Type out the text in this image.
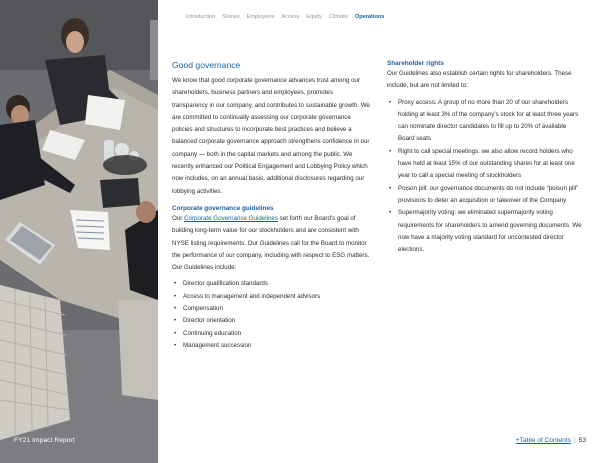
FY21 Impact Report
Introduction Stories Employees Access Equity Climate Operations
Good governance

We know that good corporate governance advances trust among our shareholders, business partners and employees, promotes transparency in our company, and contributes to sustainable growth. We are committed to continually assessing our corporate governance policies and structures to incorporate best practices and believe a balanced corporate governance approach strengthens confidence in our company — both in the capital markets and among the public. We recently enhanced our Political Engagement and Lobbying Policy which now includes, on an annual basis, additional disclosures regarding our lobbying activities.

Corporate governance guidelines

Our Corporate Governance Guidelines set forth our Board’s goal of building long-term value for our stockholders and are consistent with NYSE listing requirements. Our Guidelines call for the Board to monitor the performance of our company, including with respect to ESG matters. Our Guidelines include:

• Director qualification standards
• Access to management and independent advisors
• Compensation
• Director orientation
• Continuing education
• Management succession
Shareholder rights

Our Guidelines also establish certain rights for shareholders. These include, but are not limited to:

• Proxy access: A group of no more than 20 of our shareholders holding at least 3% of the company’s stock for at least three years can nominate director candidates to fill up to 20% of available Board seats
• Right to call special meetings: we also allow record holders who have held at least 15% of our outstanding shares for at least one year to call a special meeting of stockholders
• Poison pill: our governance documents do not include “poison pill” provisions to deter an acquisition or takeover of the Company
• Supermajority voting: we eliminated supermajority voting requirements for shareholders to amend governing documents. We now have a majority voting standard for uncontested director elections.
+Table of Contents | 53
